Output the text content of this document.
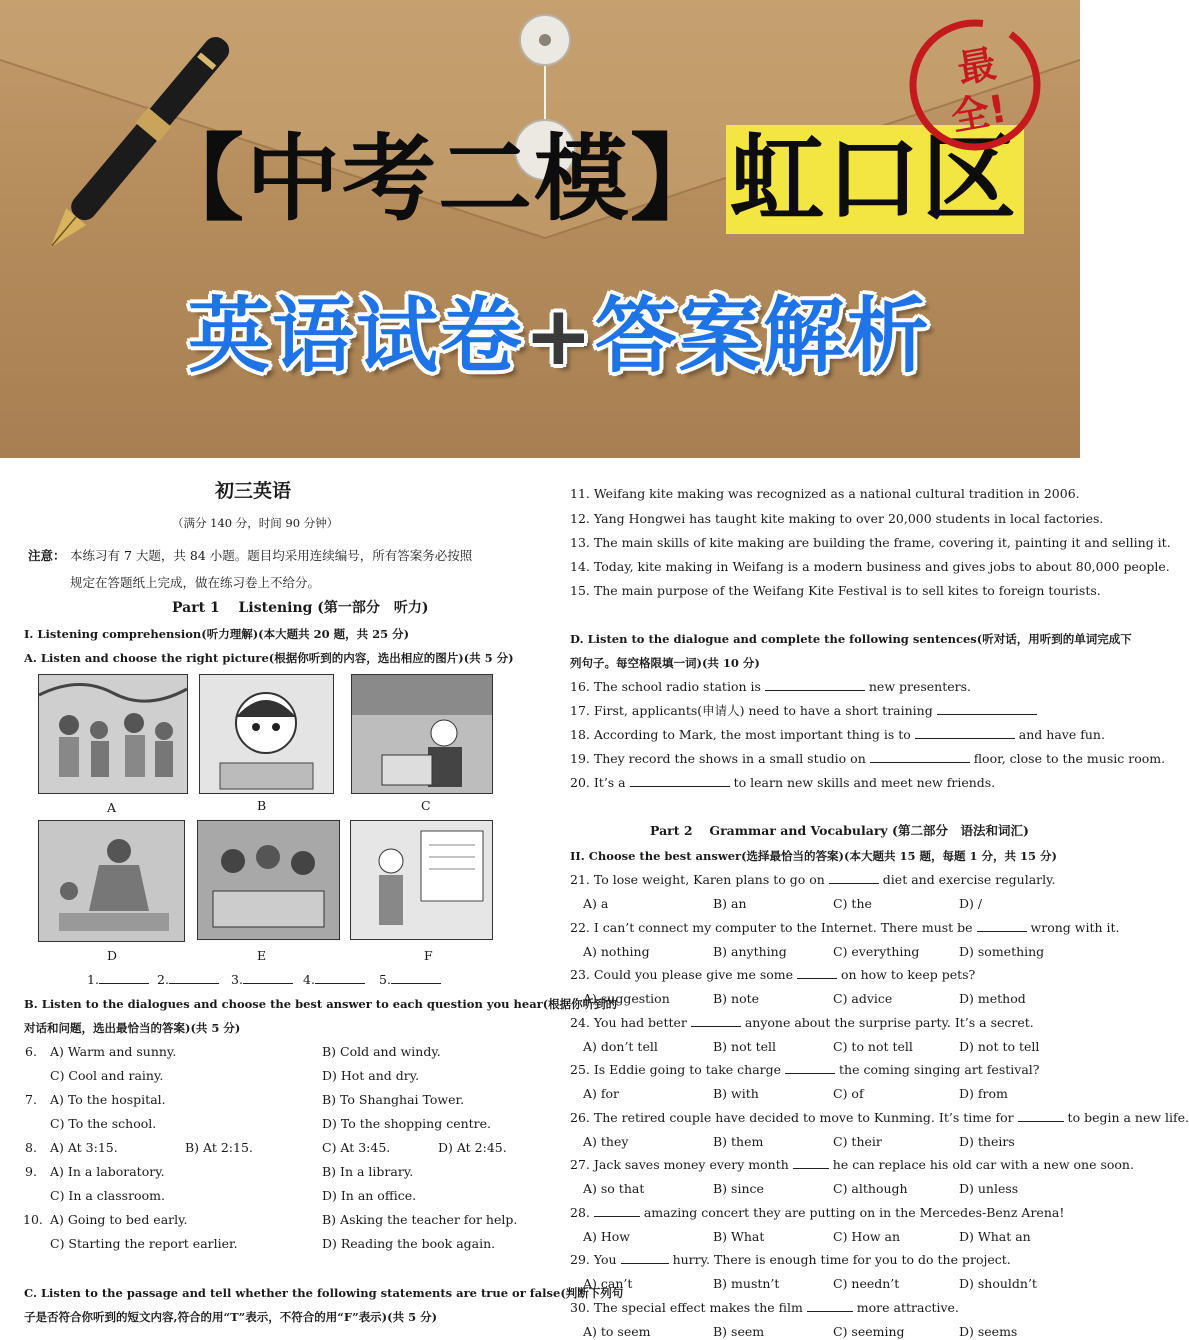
【中考二模】虹口区
英语试卷+答案解析
最
全!
初三英语
（满分 140 分，时间 90 分钟）
注意： 本练习有 7 大题，共 84 小题。题目均采用连续编号，所有答案务必按照
规定在答题纸上完成，做在练习卷上不给分。
Part 1　 Listening (第一部分　听力)
I. Listening comprehension(听力理解)(本大题共 20 题，共 25 分)
A. Listen and choose the right picture(根据你听到的内容，选出相应的图片)(共 5 分)
A	B	C
D	E	F
1.	2.	3.	4.	5.
B. Listen to the dialogues and choose the best answer to each question you hear(根据你听到的
对话和问题，选出最恰当的答案)(共 5 分)
6. A) Warm and sunny.	B) Cold and windy.
C) Cool and rainy.	D) Hot and dry.
7. A) To the hospital.	B) To Shanghai Tower.
C) To the school.	D) To the shopping centre.
8. A) At 3:15.	B) At 2:15.	C) At 3:45.	D) At 2:45.
9. A) In a laboratory.	B) In a library.
C) In a classroom.	D) In an office.
10. A) Going to bed early.	B) Asking the teacher for help.
C) Starting the report earlier.	D) Reading the book again.
C. Listen to the passage and tell whether the following statements are true or false(判断下列句
子是否符合你听到的短文内容,符合的用“T”表示，不符合的用“F”表示)(共 5 分)
11. Weifang kite making was recognized as a national cultural tradition in 2006.
12. Yang Hongwei has taught kite making to over 20,000 students in local factories.
13. The main skills of kite making are building the frame, covering it, painting it and selling it.
14. Today, kite making in Weifang is a modern business and gives jobs to about 80,000 people.
15. The main purpose of the Weifang Kite Festival is to sell kites to foreign tourists.
D. Listen to the dialogue and complete the following sentences(听对话，用听到的单词完成下
列句子。每空格限填一词)(共 10 分)
16. The school radio station is	new presenters.
17. First, applicants(申请人) need to have a short training
18. According to Mark, the most important thing is to	and have fun.
19. They record the shows in a small studio on	floor, close to the music room.
20. It’s a	to learn new skills and meet new friends.
Part 2　 Grammar and Vocabulary (第二部分　语法和词汇)
II. Choose the best answer(选择最恰当的答案)(本大题共 15 题，每题 1 分，共 15 分)
21. To lose weight, Karen plans to go on	diet and exercise regularly.
A) a	B) an	C) the	D) /
22. I can’t connect my computer to the Internet. There must be	wrong with it.
A) nothing	B) anything	C) everything	D) something
23. Could you please give me some	on how to keep pets?
A) suggestion	B) note	C) advice	D) method
24. You had better	anyone about the surprise party. It’s a secret.
A) don’t tell	B) not tell	C) to not tell	D) not to tell
25. Is Eddie going to take charge	the coming singing art festival?
A) for	B) with	C) of	D) from
26. The retired couple have decided to move to Kunming. It’s time for	to begin a new life.
A) they	B) them	C) their	D) theirs
27. Jack saves money every month	he can replace his old car with a new one soon.
A) so that	B) since	C) although	D) unless
28.	amazing concert they are putting on in the Mercedes-Benz Arena!
A) How	B) What	C) How an	D) What an
29. You	hurry. There is enough time for you to do the project.
A) can’t	B) mustn’t	C) needn’t	D) shouldn’t
30. The special effect makes the film	more attractive.
A) to seem	B) seem	C) seeming	D) seems
